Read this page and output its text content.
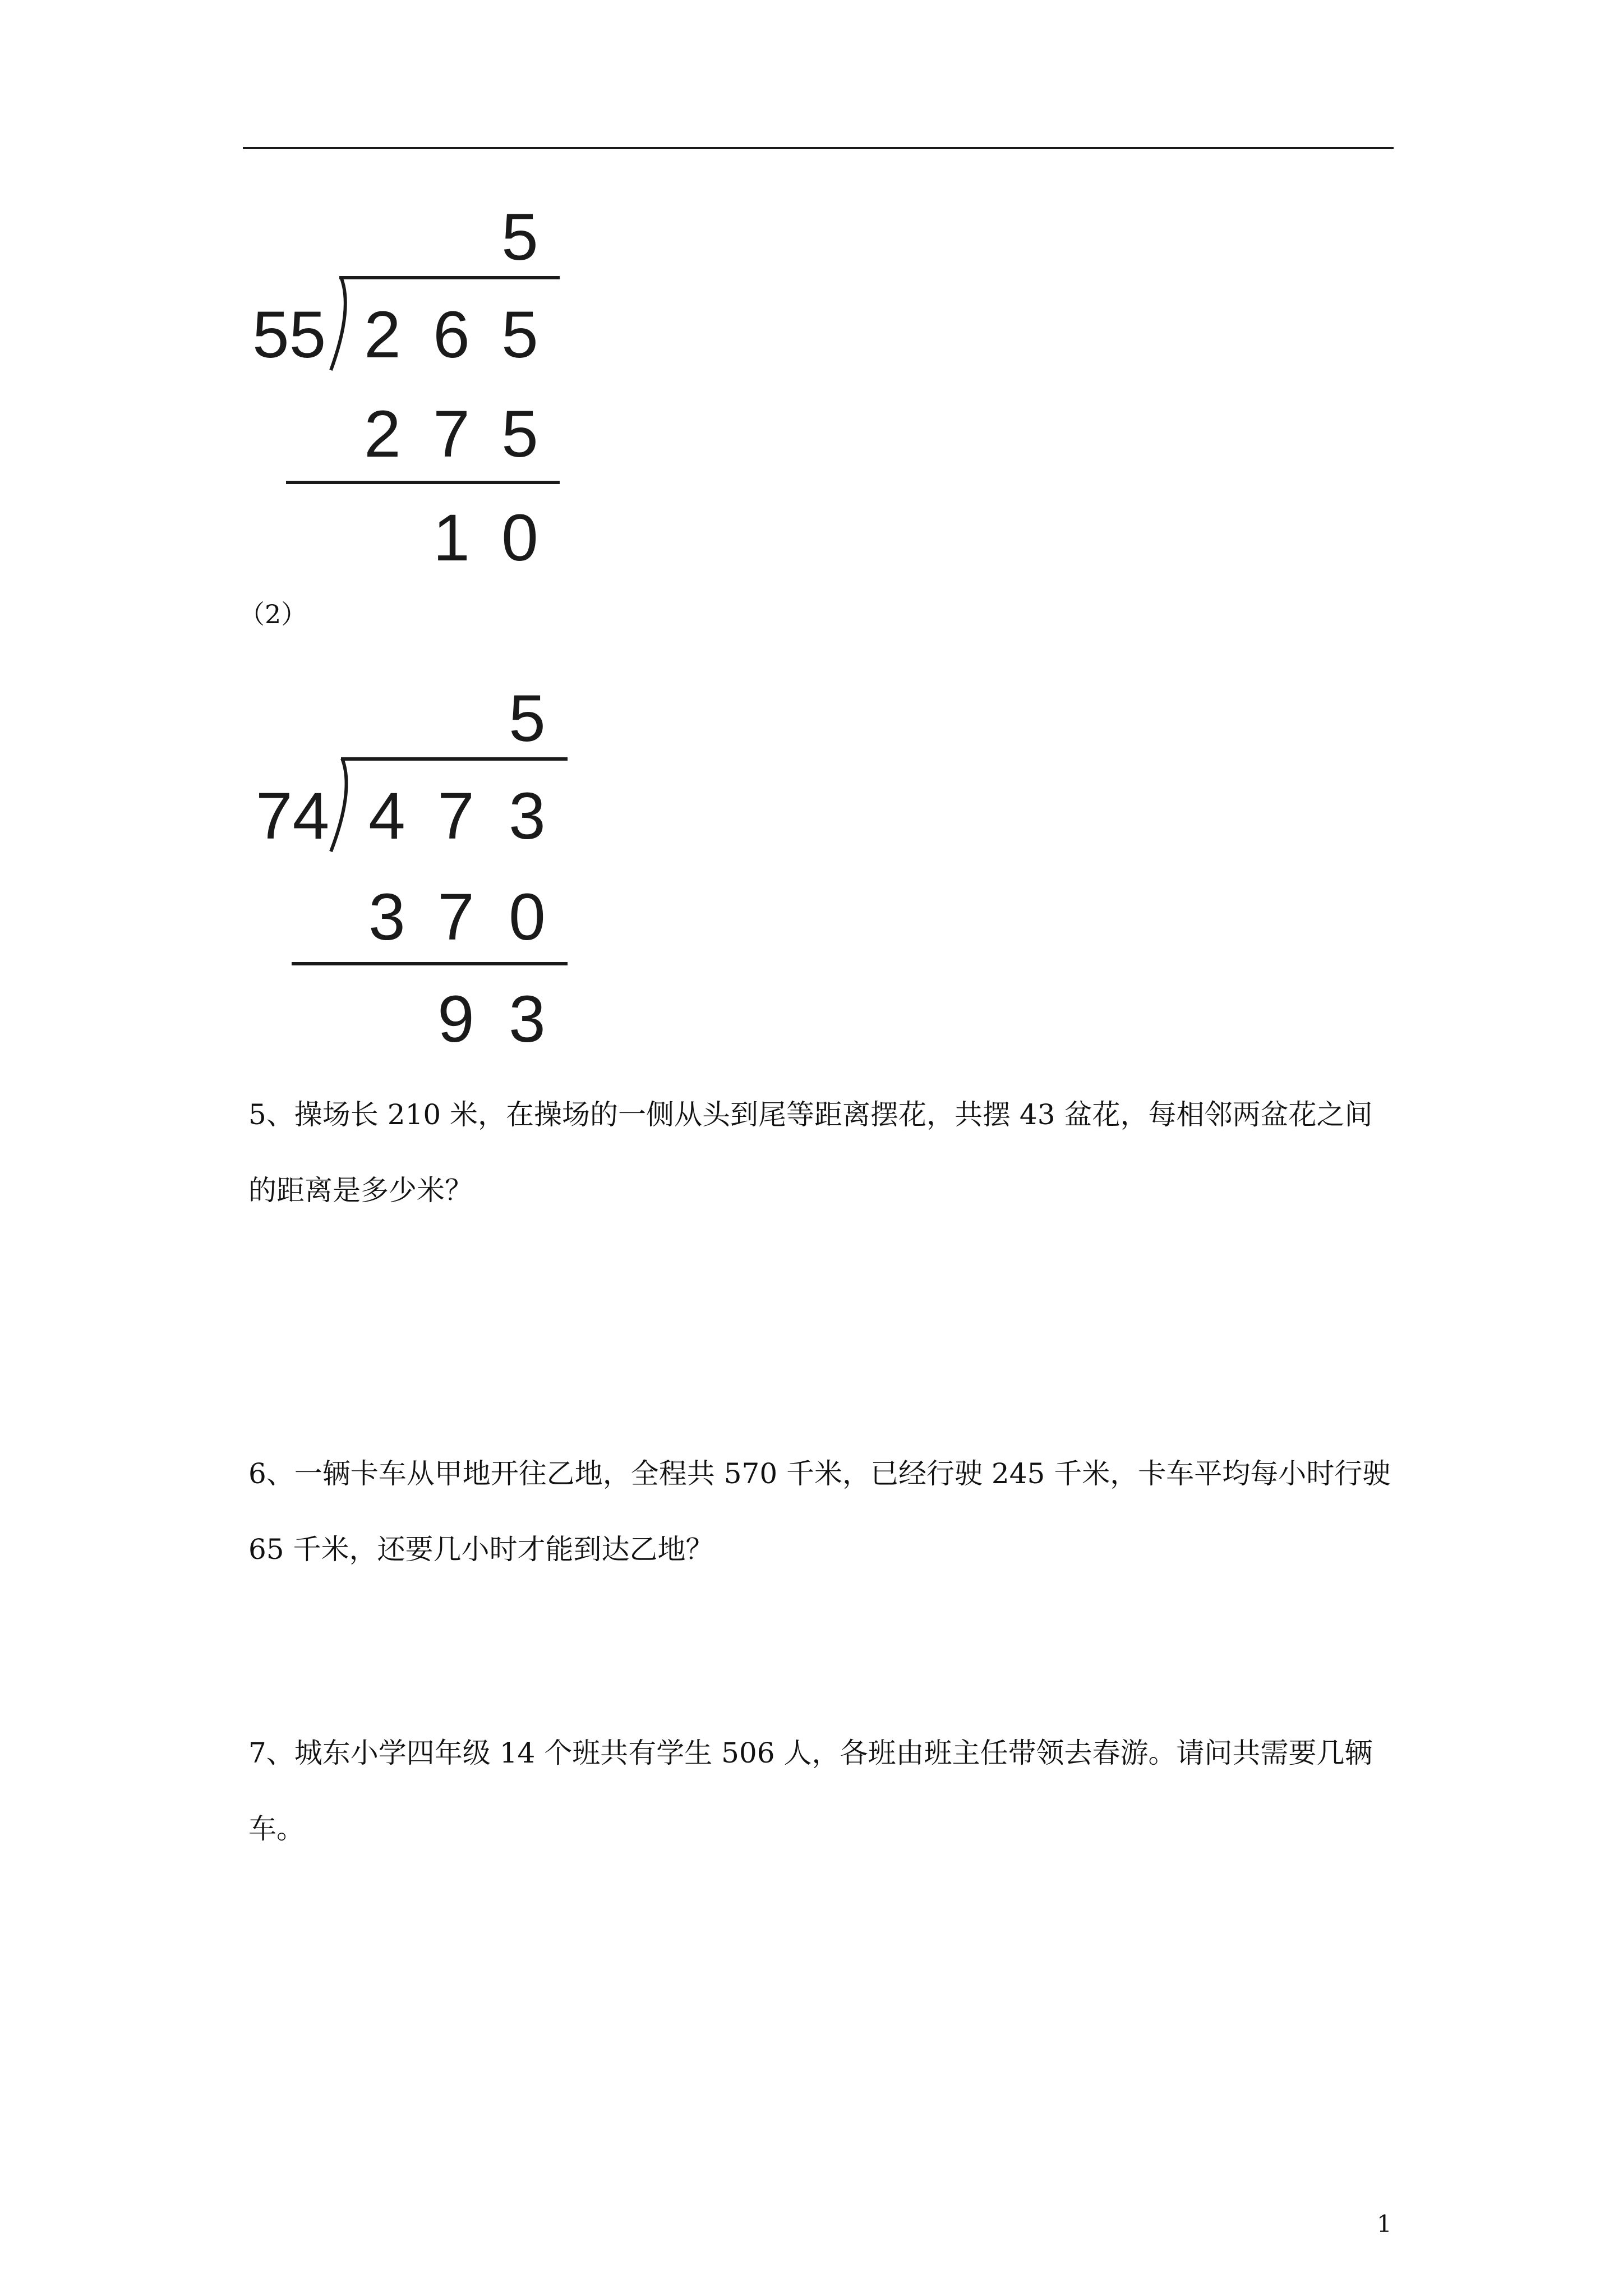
5
55 2 6 5
2 7 5
1 0
（2）
5
74 4 7 3
3 7 0
9 3

5、操场长 210 米，在操场的一侧从头到尾等距离摆花，共摆 43 盆花，每相邻两盆花之间的距离是多少米？

6、一辆卡车从甲地开往乙地，全程共 570 千米，已经行驶 245 千米，卡车平均每小时行驶 65 千米，还要几小时才能到达乙地？

7、城东小学四年级 14 个班共有学生 506 人，各班由班主任带领去春游。请问共需要几辆车。

1
